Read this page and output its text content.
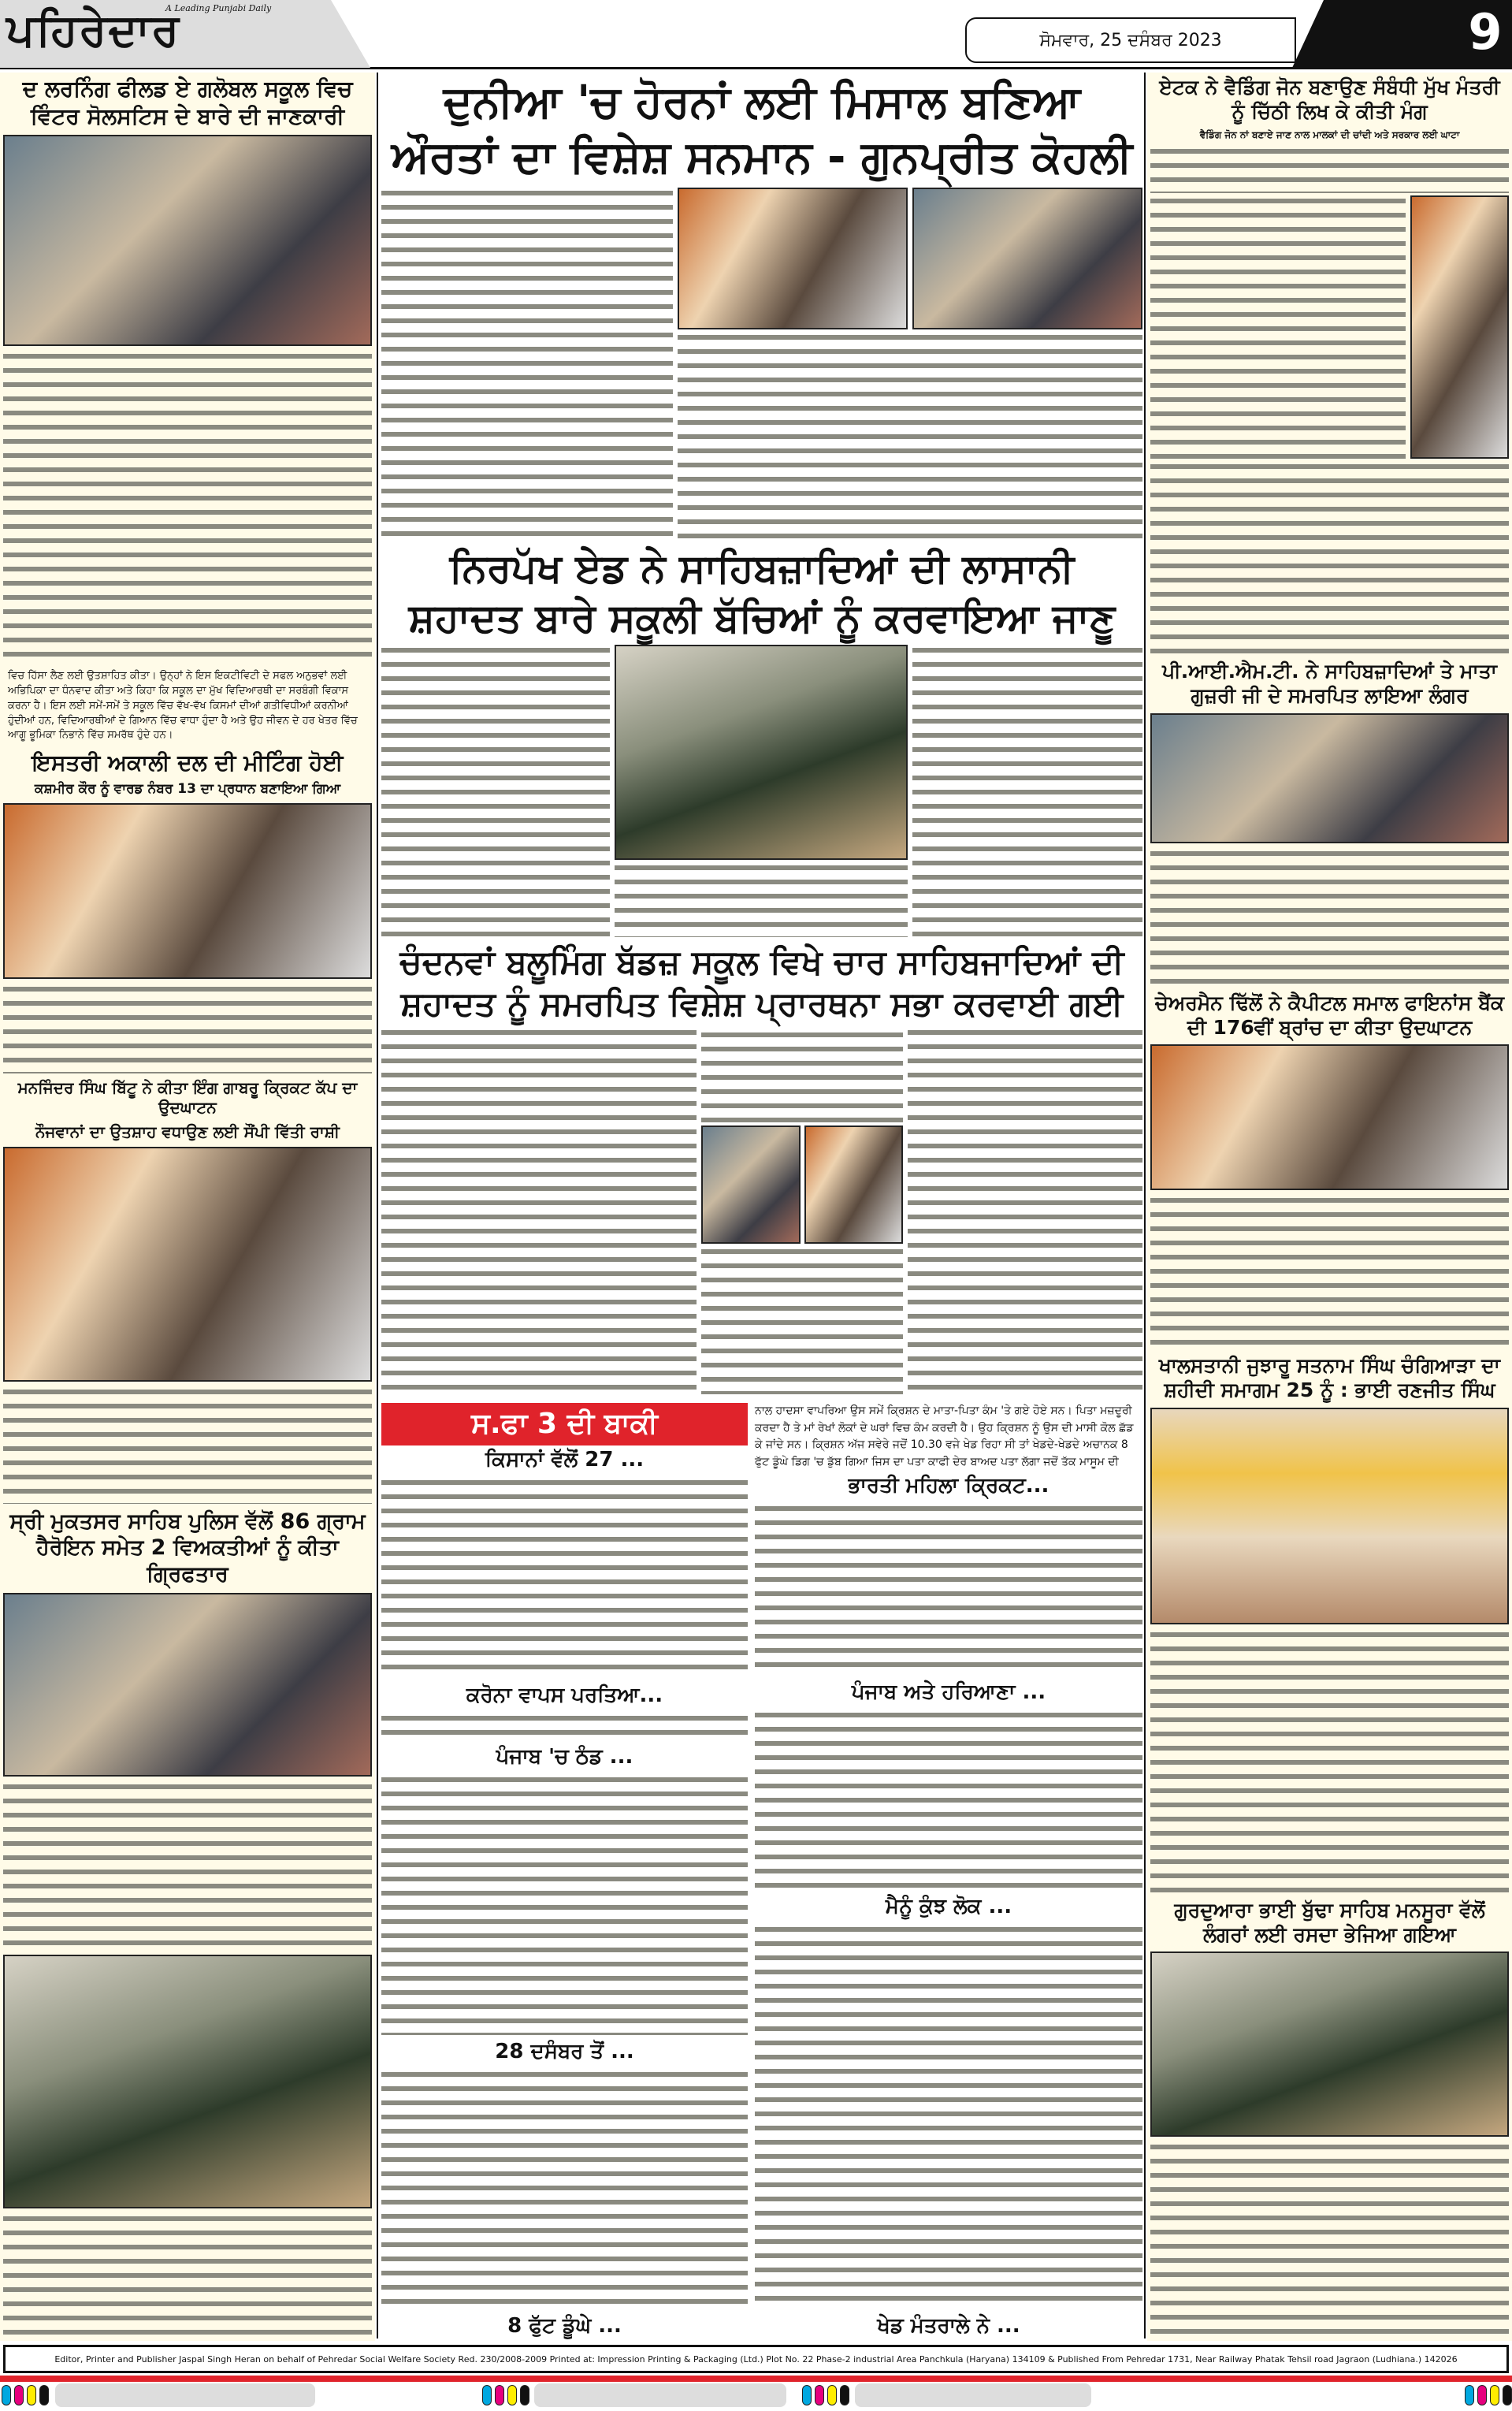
ਪਹਿਰੇਦਾਰ
A Leading Punjabi Daily
ਸੋਮਵਾਰ, 25 ਦਸੰਬਰ 2023	9
ਦ ਲਰਨਿੰਗ ਫੀਲਡ ਏ ਗਲੋਬਲ ਸਕੂਲ ਵਿਚ ਵਿੰਟਰ ਸੋਲਸਟਿਸ ਦੇ ਬਾਰੇ ਦੀ ਜਾਣਕਾਰੀ
ਵਿਚ ਹਿੱਸਾ ਲੈਣ ਲਈ ਉਤਸ਼ਾਹਿਤ ਕੀਤਾ। ਉਨ੍ਹਾਂ ਨੇ ਇਸ ਇਕਟੀਵਿਟੀ ਦੇ ਸਫਲ ਅਨੁਭਵਾਂ ਲਈ ਅਭਿਪਿਕਾ ਦਾ ਧੰਨਵਾਦ ਕੀਤਾ ਅਤੇ ਕਿਹਾ ਕਿ ਸਕੂਲ ਦਾ ਮੁੱਖ ਵਿਦਿਆਰਥੀ ਦਾ ਸਰਬੰਗੀ ਵਿਕਾਸ ਕਰਨਾ ਹੈ। ਇਸ ਲਈ ਸਮੇਂ-ਸਮੇਂ ਤੇ ਸਕੂਲ ਵਿੱਚ ਵੱਖ-ਵੱਖ ਕਿਸਮਾਂ ਦੀਆਂ ਗਤੀਵਿਧੀਆਂ ਕਰਨੀਆਂ ਹੁੰਦੀਆਂ ਹਨ, ਵਿਦਿਆਰਥੀਆਂ ਦੇ ਗਿਆਨ ਵਿੱਚ ਵਾਧਾ ਹੁੰਦਾ ਹੈ ਅਤੇ ਉਹ ਜੀਵਨ ਦੇ ਹਰ ਖੇਤਰ ਵਿੱਚ ਆਗੂ ਭੂਮਿਕਾ ਨਿਭਾਨੇ ਵਿੱਚ ਸਮਰੱਥ ਹੁੰਦੇ ਹਨ।
ਇਸਤਰੀ ਅਕਾਲੀ ਦਲ ਦੀ ਮੀਟਿੰਗ ਹੋਈ
ਕਸ਼ਮੀਰ ਕੌਰ ਨੂੰ ਵਾਰਡ ਨੰਬਰ 13 ਦਾ ਪ੍ਰਧਾਨ ਬਣਾਇਆ ਗਿਆ
ਮਨਜਿੰਦਰ ਸਿੰਘ ਬਿੱਟੂ ਨੇ ਕੀਤਾ ਇੰਗ ਗਾਬਰੂ ਕ੍ਰਿਕਟ ਕੱਪ ਦਾ ਉਦਘਾਟਨ
ਨੌਜਵਾਨਾਂ ਦਾ ਉਤਸ਼ਾਹ ਵਧਾਉਣ ਲਈ ਸੌਂਪੀ ਵਿੱਤੀ ਰਾਸ਼ੀ
ਸ੍ਰੀ ਮੁਕਤਸਰ ਸਾਹਿਬ ਪੁਲਿਸ ਵੱਲੋਂ 86 ਗ੍ਰਾਮ ਹੈਰੋਇਨ ਸਮੇਤ 2 ਵਿਅਕਤੀਆਂ ਨੂੰ ਕੀਤਾ ਗ੍ਰਿਫਤਾਰ
ਦੁਨੀਆ 'ਚ ਹੋਰਨਾਂ ਲਈ ਮਿਸਾਲ ਬਣਿਆ
ਔਰਤਾਂ ਦਾ ਵਿਸ਼ੇਸ਼ ਸਨਮਾਨ - ਗੁਨਪ੍ਰੀਤ ਕੋਹਲੀ
ਨਿਰਪੱਖ ਏਡ ਨੇ ਸਾਹਿਬਜ਼ਾਦਿਆਂ ਦੀ ਲਾਸਾਨੀ
ਸ਼ਹਾਦਤ ਬਾਰੇ ਸਕੂਲੀ ਬੱਚਿਆਂ ਨੂੰ ਕਰਵਾਇਆ ਜਾਣੂ
ਚੰਦਨਵਾਂ ਬਲੂਮਿੰਗ ਬੱਡਜ਼ ਸਕੂਲ ਵਿਖੇ ਚਾਰ ਸਾਹਿਬਜਾਦਿਆਂ ਦੀ
ਸ਼ਹਾਦਤ ਨੂੰ ਸਮਰਪਿਤ ਵਿਸ਼ੇਸ਼ ਪ੍ਰਾਰਥਨਾ ਸਭਾ ਕਰਵਾਈ ਗਈ
ਸ.ਫਾ 3 ਦੀ ਬਾਕੀ
ਕਿਸਾਨਾਂ ਵੱਲੋਂ 27 ...
ਕਰੋਨਾ ਵਾਪਸ ਪਰਤਿਆ...
ਪੰਜਾਬ 'ਚ ਠੰਡ ...
28 ਦਸੰਬਰ ਤੋਂ ...
8 ਫੁੱਟ ਡੂੰਘੇ ...
ਨਾਲ ਹਾਦਸਾ ਵਾਪਰਿਆ ਉਸ ਸਮੇਂ ਕ੍ਰਿਸ਼ਨ ਦੇ ਮਾਤਾ-ਪਿਤਾ ਕੰਮ 'ਤੇ ਗਏ ਹੋਏ ਸਨ। ਪਿਤਾ ਮਜ਼ਦੂਰੀ ਕਰਦਾ ਹੈ ਤੇ ਮਾਂ ਰੇਖਾਂ ਲੋਕਾਂ ਦੇ ਘਰਾਂ ਵਿਚ ਕੰਮ ਕਰਦੀ ਹੈ। ਉਹ ਕ੍ਰਿਸ਼ਨ ਨੂੰ ਉਸ ਦੀ ਮਾਸੀ ਕੋਲ ਛੱਡ ਕੇ ਜਾਂਦੇ ਸਨ। ਕ੍ਰਿਸ਼ਨ ਅੱਜ ਸਵੇਰੇ ਜਦੋਂ 10.30 ਵਜੇ ਖੇਡ ਰਿਹਾ ਸੀ ਤਾਂ ਖੇਡਦੇ-ਖੇਡਦੇ ਅਚਾਨਕ 8 ਫੁੱਟ ਡੂੰਘੇ ਡਿਗ 'ਚ ਡੁੱਬ ਗਿਆ ਜਿਸ ਦਾ ਪਤਾ ਕਾਫੀ ਦੇਰ ਬਾਅਦ ਪਤਾ ਲੱਗਾ ਜਦੋਂ ਤੱਕ ਮਾਸੂਮ ਦੀ
ਭਾਰਤੀ ਮਹਿਲਾ ਕ੍ਰਿਕਟ...
ਪੰਜਾਬ ਅਤੇ ਹਰਿਆਣਾ ...
ਮੈਨੂੰ ਕੁੰਝ ਲੋਕ ...
ਖੇਡ ਮੰਤਰਾਲੇ ਨੇ ...
ਏਟਕ ਨੇ ਵੈਡਿੰਗ ਜੋਨ ਬਣਾਉਣ ਸੰਬੰਧੀ ਮੁੱਖ ਮੰਤਰੀ ਨੂੰ ਚਿੱਠੀ ਲਿਖ ਕੇ ਕੀਤੀ ਮੰਗ
ਵੈਡਿੰਗ ਜੋਨ ਨਾਂ ਬਣਾਏ ਜਾਣ ਨਾਲ ਮਾਲਕਾਂ ਦੀ ਚਾਂਦੀ ਅਤੇ ਸਰਕਾਰ ਲਈ ਘਾਟਾ
ਪੀ.ਆਈ.ਐਮ.ਟੀ. ਨੇ ਸਾਹਿਬਜ਼ਾਦਿਆਂ ਤੇ ਮਾਤਾ ਗੁਜ਼ਰੀ ਜੀ ਦੇ ਸਮਰਪਿਤ ਲਾਇਆ ਲੰਗਰ
ਚੇਅਰਮੈਨ ਢਿੱਲੋਂ ਨੇ ਕੈਪੀਟਲ ਸਮਾਲ ਫਾਇਨਾਂਸ ਬੈਂਕ ਦੀ 176ਵੀਂ ਬ੍ਰਾਂਚ ਦਾ ਕੀਤਾ ਉਦਘਾਟਨ
ਖਾਲਸਤਾਨੀ ਜੁਝਾਰੂ ਸਤਨਾਮ ਸਿੰਘ ਚੰਗਿਆੜਾ ਦਾ ਸ਼ਹੀਦੀ ਸਮਾਗਮ 25 ਨੂੰ : ਭਾਈ ਰਣਜੀਤ ਸਿੰਘ
ਗੁਰਦੁਆਰਾ ਭਾਈ ਬੁੱਢਾ ਸਾਹਿਬ ਮਨਸੂਰਾ ਵੱਲੋਂ ਲੰਗਰਾਂ ਲਈ ਰਸਦਾ ਭੇਜਿਆ ਗਇਆ
Editor, Printer and Publisher Jaspal Singh Heran on behalf of Pehredar Social Welfare Society Red. 230/2008-2009 Printed at: Impression Printing & Packaging (Ltd.) Plot No. 22 Phase-2 industrial Area Panchkula (Haryana) 134109 & Published From Pehredar 1731, Near Railway Phatak Tehsil road Jagraon (Ludhiana.) 142026
